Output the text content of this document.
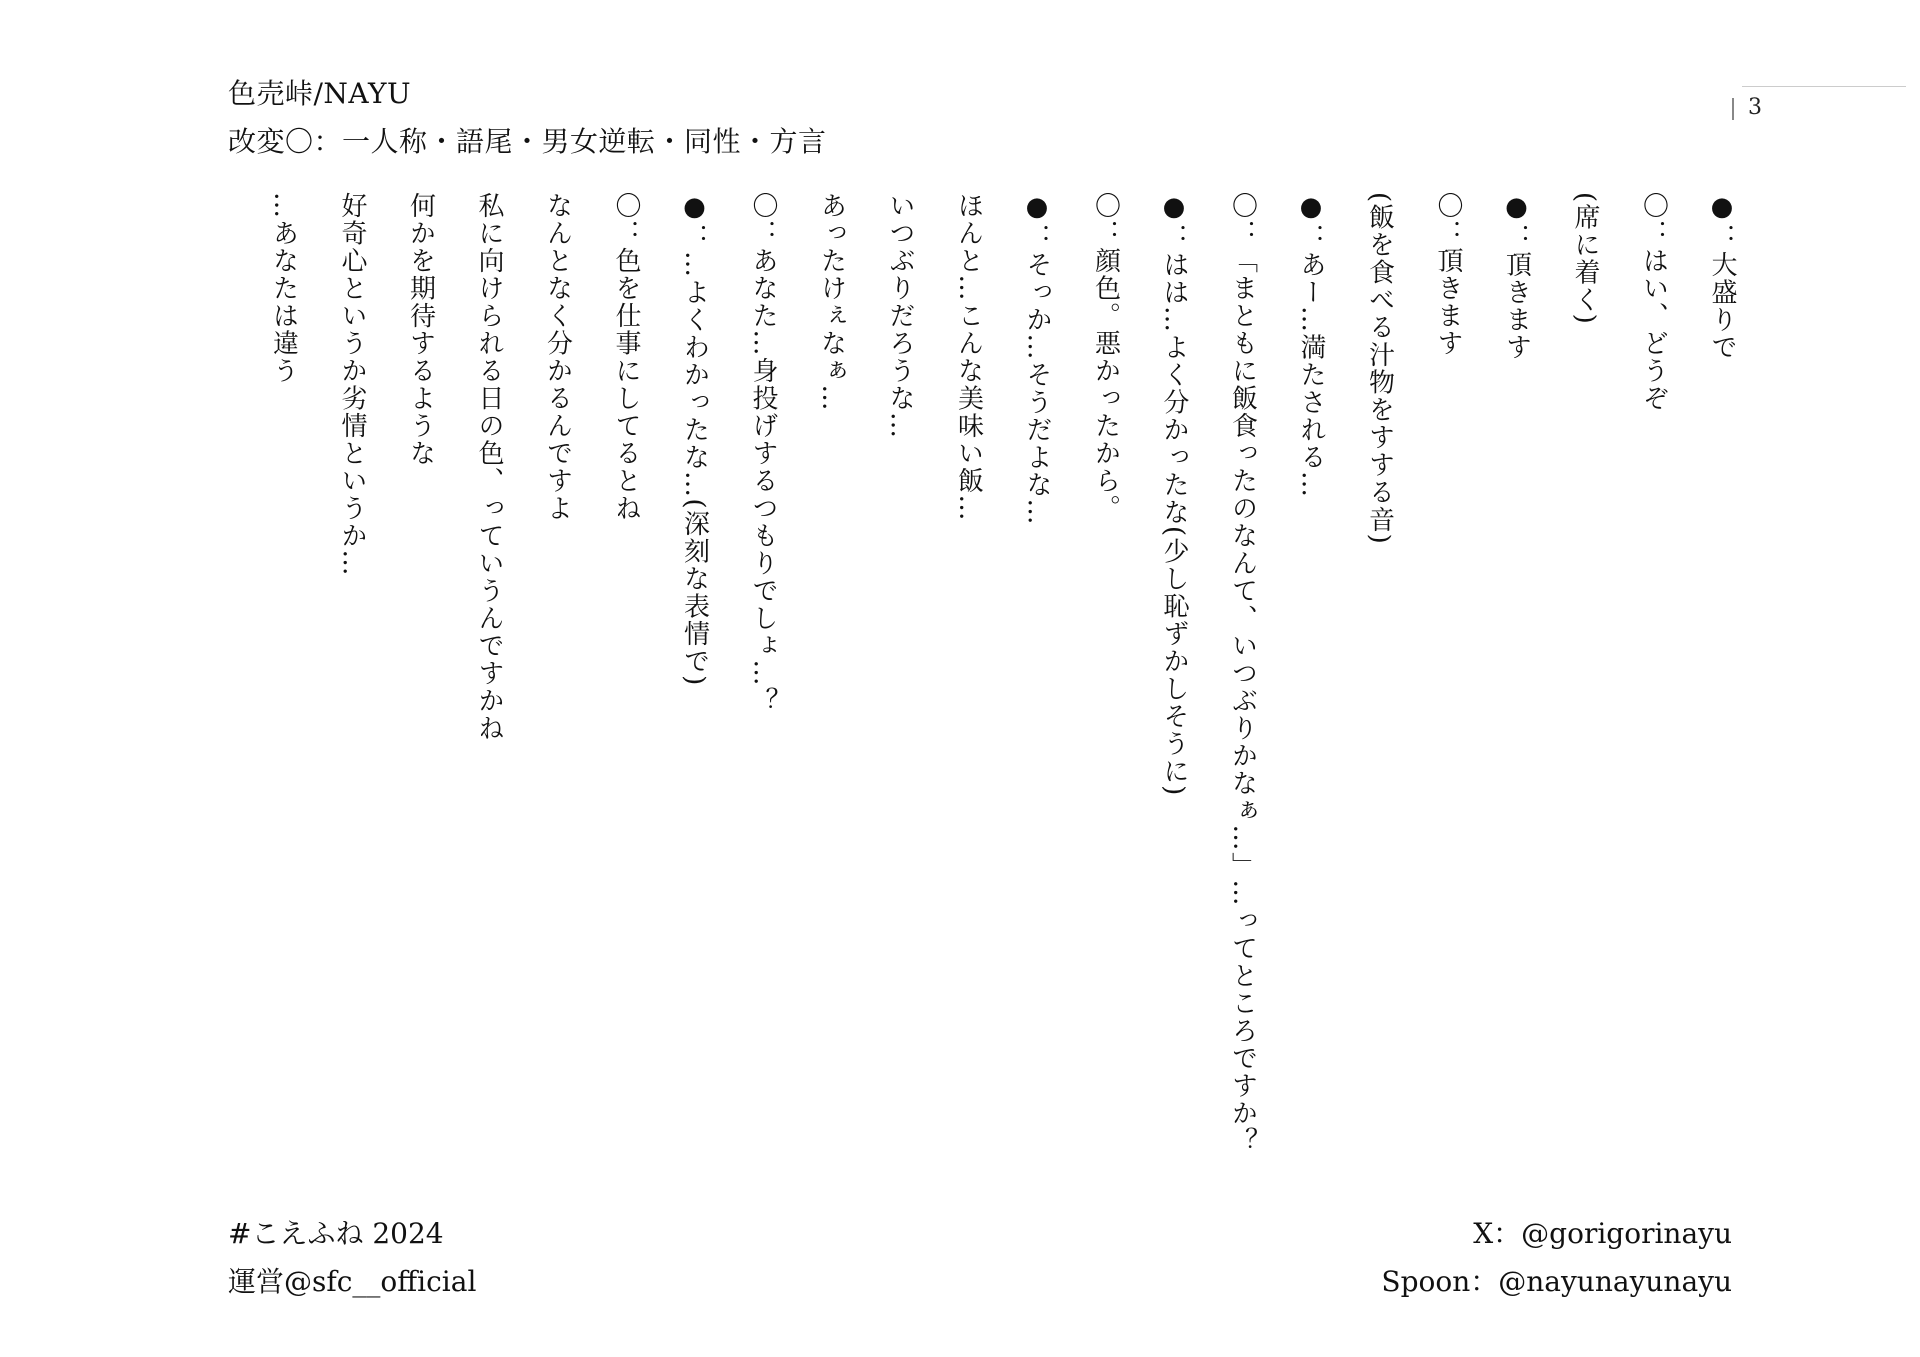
色売峠/NAYU
改変〇：一人称・語尾・男女逆転・同性・方言
3

●：大盛りで

〇：はい、どうぞ

(席に着く)

●：頂きます

〇：頂きます

(飯を食べる汁物をすする音)

●：あー…満たされる…

〇：「まともに飯食ったのなんて、いつぶりかなぁ…」…ってところですか？

●：はは…よく分かったな(少し恥ずかしそうに)

〇：顔色。悪かったから。

●：そっか…そうだよな…

ほんと…こんな美味い飯…

いつぶりだろうな…

あったけぇなぁ…

〇：あなた…身投げするつもりでしょ…？

●：…よくわかったな…(深刻な表情で)

〇：色を仕事にしてるとね

なんとなく分かるんですよ

私に向けられる日の色、っていうんですかね

何かを期待するような

好奇心というか劣情というか…

…あなたは違う

#こえふね 2024
運営@sfc__official
X：@gorigorinayu
Spoon：@nayunayunayu
